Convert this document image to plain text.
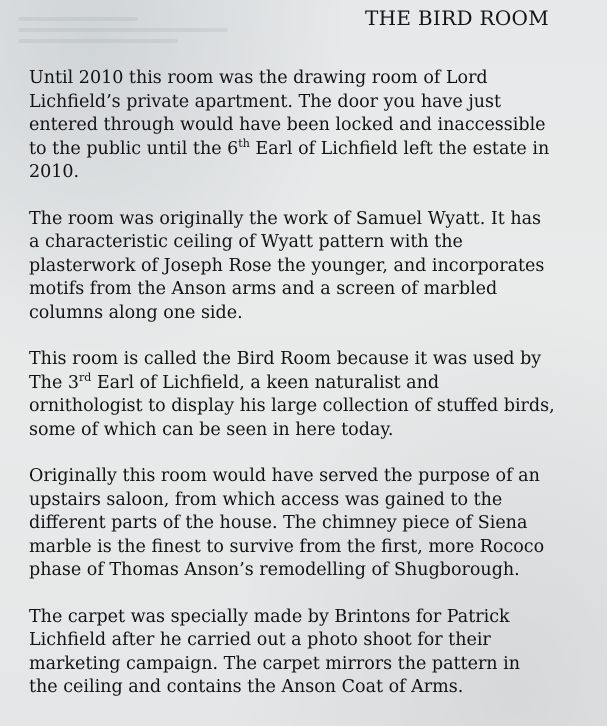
THE BIRD ROOM

Until 2010 this room was the drawing room of Lord
Lichfield’s private apartment. The door you have just
entered through would have been locked and inaccessible
to the public until the 6th Earl of Lichfield left the estate in
2010.

The room was originally the work of Samuel Wyatt. It has
a characteristic ceiling of Wyatt pattern with the
plasterwork of Joseph Rose the younger, and incorporates
motifs from the Anson arms and a screen of marbled
columns along one side.

This room is called the Bird Room because it was used by
The 3rd Earl of Lichfield, a keen naturalist and
ornithologist to display his large collection of stuffed birds,
some of which can be seen in here today.

Originally this room would have served the purpose of an
upstairs saloon, from which access was gained to the
different parts of the house. The chimney piece of Siena
marble is the finest to survive from the first, more Rococo
phase of Thomas Anson’s remodelling of Shugborough.

The carpet was specially made by Brintons for Patrick
Lichfield after he carried out a photo shoot for their
marketing campaign. The carpet mirrors the pattern in
the ceiling and contains the Anson Coat of Arms.
